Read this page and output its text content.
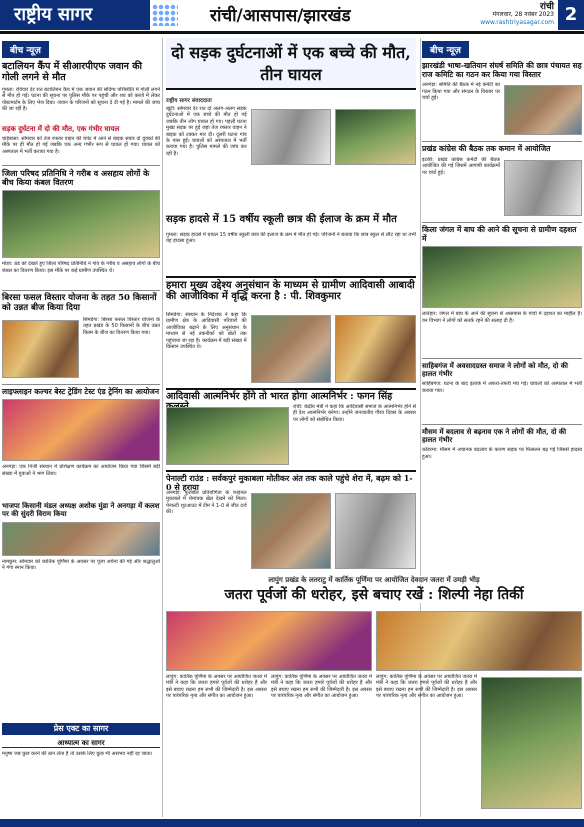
राष्ट्रीय सागर	रांची/आसपास/झारखंड	रांची
मंगलवार, 28 नवंबर 2023
www.rashtriyasagar.com 2
बीच न्यूज़
बटालियन कैंप में सीआरपीएफ जवान की गोली लगने से मौत
गुमला: रविवार देर रात बटालियन कैंप में एक जवान की संदिग्ध परिस्थिति में गोली लगने से मौत हो गई। घटना की सूचना पर पुलिस मौके पर पहुंची और शव को कब्जे में लेकर पोस्टमार्टम के लिए भेज दिया। जवान के परिजनों को सूचना दे दी गई है। मामले की जांच की जा रही है।
सड़क दुर्घटना में दो की मौत, एक गंभीर घायल
चाईबासा: सोमवार को तेज रफ्तार वाहन की चपेट में आने से बाइक सवार दो युवकों की मौके पर ही मौत हो गई जबकि एक अन्य गंभीर रूप से घायल हो गया। घायल को अस्पताल में भर्ती कराया गया है।
जिला परिषद प्रतिनिधि ने गरीब व असहाय लोगों के बीच किया कंबल वितरण
मांडर: ठंड को देखते हुए जिला परिषद प्रतिनिधि ने गांव के गरीब व असहाय लोगों के बीच कंबल का वितरण किया। इस मौके पर कई ग्रामीण उपस्थित थे।
बिरसा फसल विस्तार योजना के तहत 50 किसानों को उन्नत बीज किया दिया
सिमडेगा: बिरसा फसल विस्तार योजना के तहत प्रखंड के 50 किसानों के बीच उन्नत किस्म के बीज का वितरण किया गया।
लाइफ्लाइन कल्चर बेस्ट ट्रेडिंग टेस्ट एंड ट्रेनिंग का आयोजन
अनगड़ा: एक निजी संस्थान में प्रशिक्षण कार्यक्रम का आयोजन किया गया जिसमें बड़ी संख्या में युवाओं ने भाग लिया।
भाजपा किसानी मंडल अध्यक्ष अशोक मुंडा ने अनगड़ा में कलश पर की सुंदरी विराम किया
नामकुम: सोमवार को कार्तिक पूर्णिमा के अवसर पर पूजा अर्चना की गई और श्रद्धालुओं ने गंगा स्नान किया।
प्रेस एक्ट का सागर
आध्यात्म का सागर
मनुष्य जब कुछ करने की ठान लेता है तो उसके लिए कुछ भी असंभव नहीं रह जाता।
दो सड़क दुर्घटनाओं में एक बच्चे की मौत, तीन घायल
राष्ट्रीय सागर संवाददाता
खूंटी: सोमवार देर रात दो अलग-अलग सड़क दुर्घटनाओं में एक बच्चे की मौत हो गई जबकि तीन लोग घायल हो गए। पहली घटना मुख्य सड़क पर हुई जहां तेज रफ्तार वाहन ने बाइक को टक्कर मार दी। दूसरी घटना गांव के पास हुई। घायलों को अस्पताल में भर्ती कराया गया है। पुलिस मामले की जांच कर रही है।
सड़क हादसे में 15 वर्षीय स्कूली छात्र की ईलाज के क्रम में मौत
गुमला: सड़क हादसे में घायल 15 वर्षीय स्कूली छात्र की इलाज के क्रम में मौत हो गई। परिजनों ने बताया कि छात्र स्कूल से लौट रहा था तभी यह हादसा हुआ।
हमारा मुख्य उद्देश्य अनुसंधान के माध्यम से ग्रामीण आदिवासी आबादी की आजीविका में वृद्धि करना है : पी. शिवकुमार
सिमडेगा: संस्थान के निदेशक ने कहा कि ग्रामीण क्षेत्र के आदिवासी परिवारों की आजीविका बढ़ाने के लिए अनुसंधान के माध्यम से नई तकनीकों को खेतों तक पहुंचाया जा रहा है। कार्यक्रम में बड़ी संख्या में किसान उपस्थित थे।
आदिवासी आत्मनिर्भर होंगे तो भारत होगा आत्मनिर्भर : फगन सिंह
रांची: केंद्रीय मंत्री ने कहा कि आदिवासी समाज के आत्मनिर्भर होने से ही देश आत्मनिर्भर बनेगा। उन्होंने जनजातीय गौरव दिवस के अवसर पर लोगों को संबोधित किया।
पेनाल्टी राउंड : सर्वकपुरं मुकाबला मोतीकर अंत तक काले पहुंचे शेरा में, बढ़म को 1-0 से हराया
अनगड़ा: फुटबॉल प्रतियोगिता के फाइनल मुकाबले में रोमांचक खेल देखने को मिला। पेनाल्टी शूटआउट में टीम ने 1-0 से जीत दर्ज की।
लापुंग प्रखंड के लतराटु में कार्तिक पूर्णिमा पर आयोजित देवदान जतरा में उमड़ी भीड़
जतरा पूर्वजों की धरोहर, इसे बचाए रखें : शिल्पी नेहा तिर्की
लापुंग: कार्तिक पूर्णिमा के अवसर पर आयोजित जतरा में मंत्री ने कहा कि जतरा हमारे पूर्वजों की धरोहर है और इसे बचाए रखना हम सभी की जिम्मेदारी है। इस अवसर पर पारंपरिक नृत्य और संगीत का आयोजन हुआ।
लापुंग: कार्तिक पूर्णिमा के अवसर पर आयोजित जतरा में मंत्री ने कहा कि जतरा हमारे पूर्वजों की धरोहर है और इसे बचाए रखना हम सभी की जिम्मेदारी है। इस अवसर पर पारंपरिक नृत्य और संगीत का आयोजन हुआ।
लापुंग: कार्तिक पूर्णिमा के अवसर पर आयोजित जतरा में मंत्री ने कहा कि जतरा हमारे पूर्वजों की धरोहर है और इसे बचाए रखना हम सभी की जिम्मेदारी है। इस अवसर पर पारंपरिक नृत्य और संगीत का आयोजन हुआ।
बीच न्यूज़
झारखंडी भाषा-खतियान संघर्ष समिति की छात्र पंचायत सह राज कमिटि का गठन कर किया गया विस्तार
अनगड़ा: समिति की बैठक में नई कमेटी का गठन किया गया और संगठन के विस्तार पर चर्चा हुई।
प्रखंड कांग्रेस की बैठक तक कमान में आयोजित
इटकी: प्रखंड कांग्रेस कमेटी की बैठक आयोजित की गई जिसमें आगामी कार्यक्रमों पर चर्चा हुई।
किला जंगल में बाघ की आने की सूचना से ग्रामीण दहशत में
लातेहार: जंगल में बाघ के आने की सूचना से आसपास के गांवों में दहशत का माहौल है। वन विभाग ने लोगों को सतर्क रहने की सलाह दी है।
साहिबगंज में अवसादग्रस्त समाज ने लोगों को मौत, दो की हालत गंभीर
साहिबगंज: घटना के बाद इलाके में अफरा-तफरी मच गई। घायलों को अस्पताल में भर्ती कराया गया।
मौसम में बदलाव से बढ़नाव एक ने लोगों की मौत, दो की हालत गंभीर
कोडरमा: मौसम में अचानक बदलाव के कारण सड़क पर फिसलन बढ़ गई जिससे हादसा हुआ।
